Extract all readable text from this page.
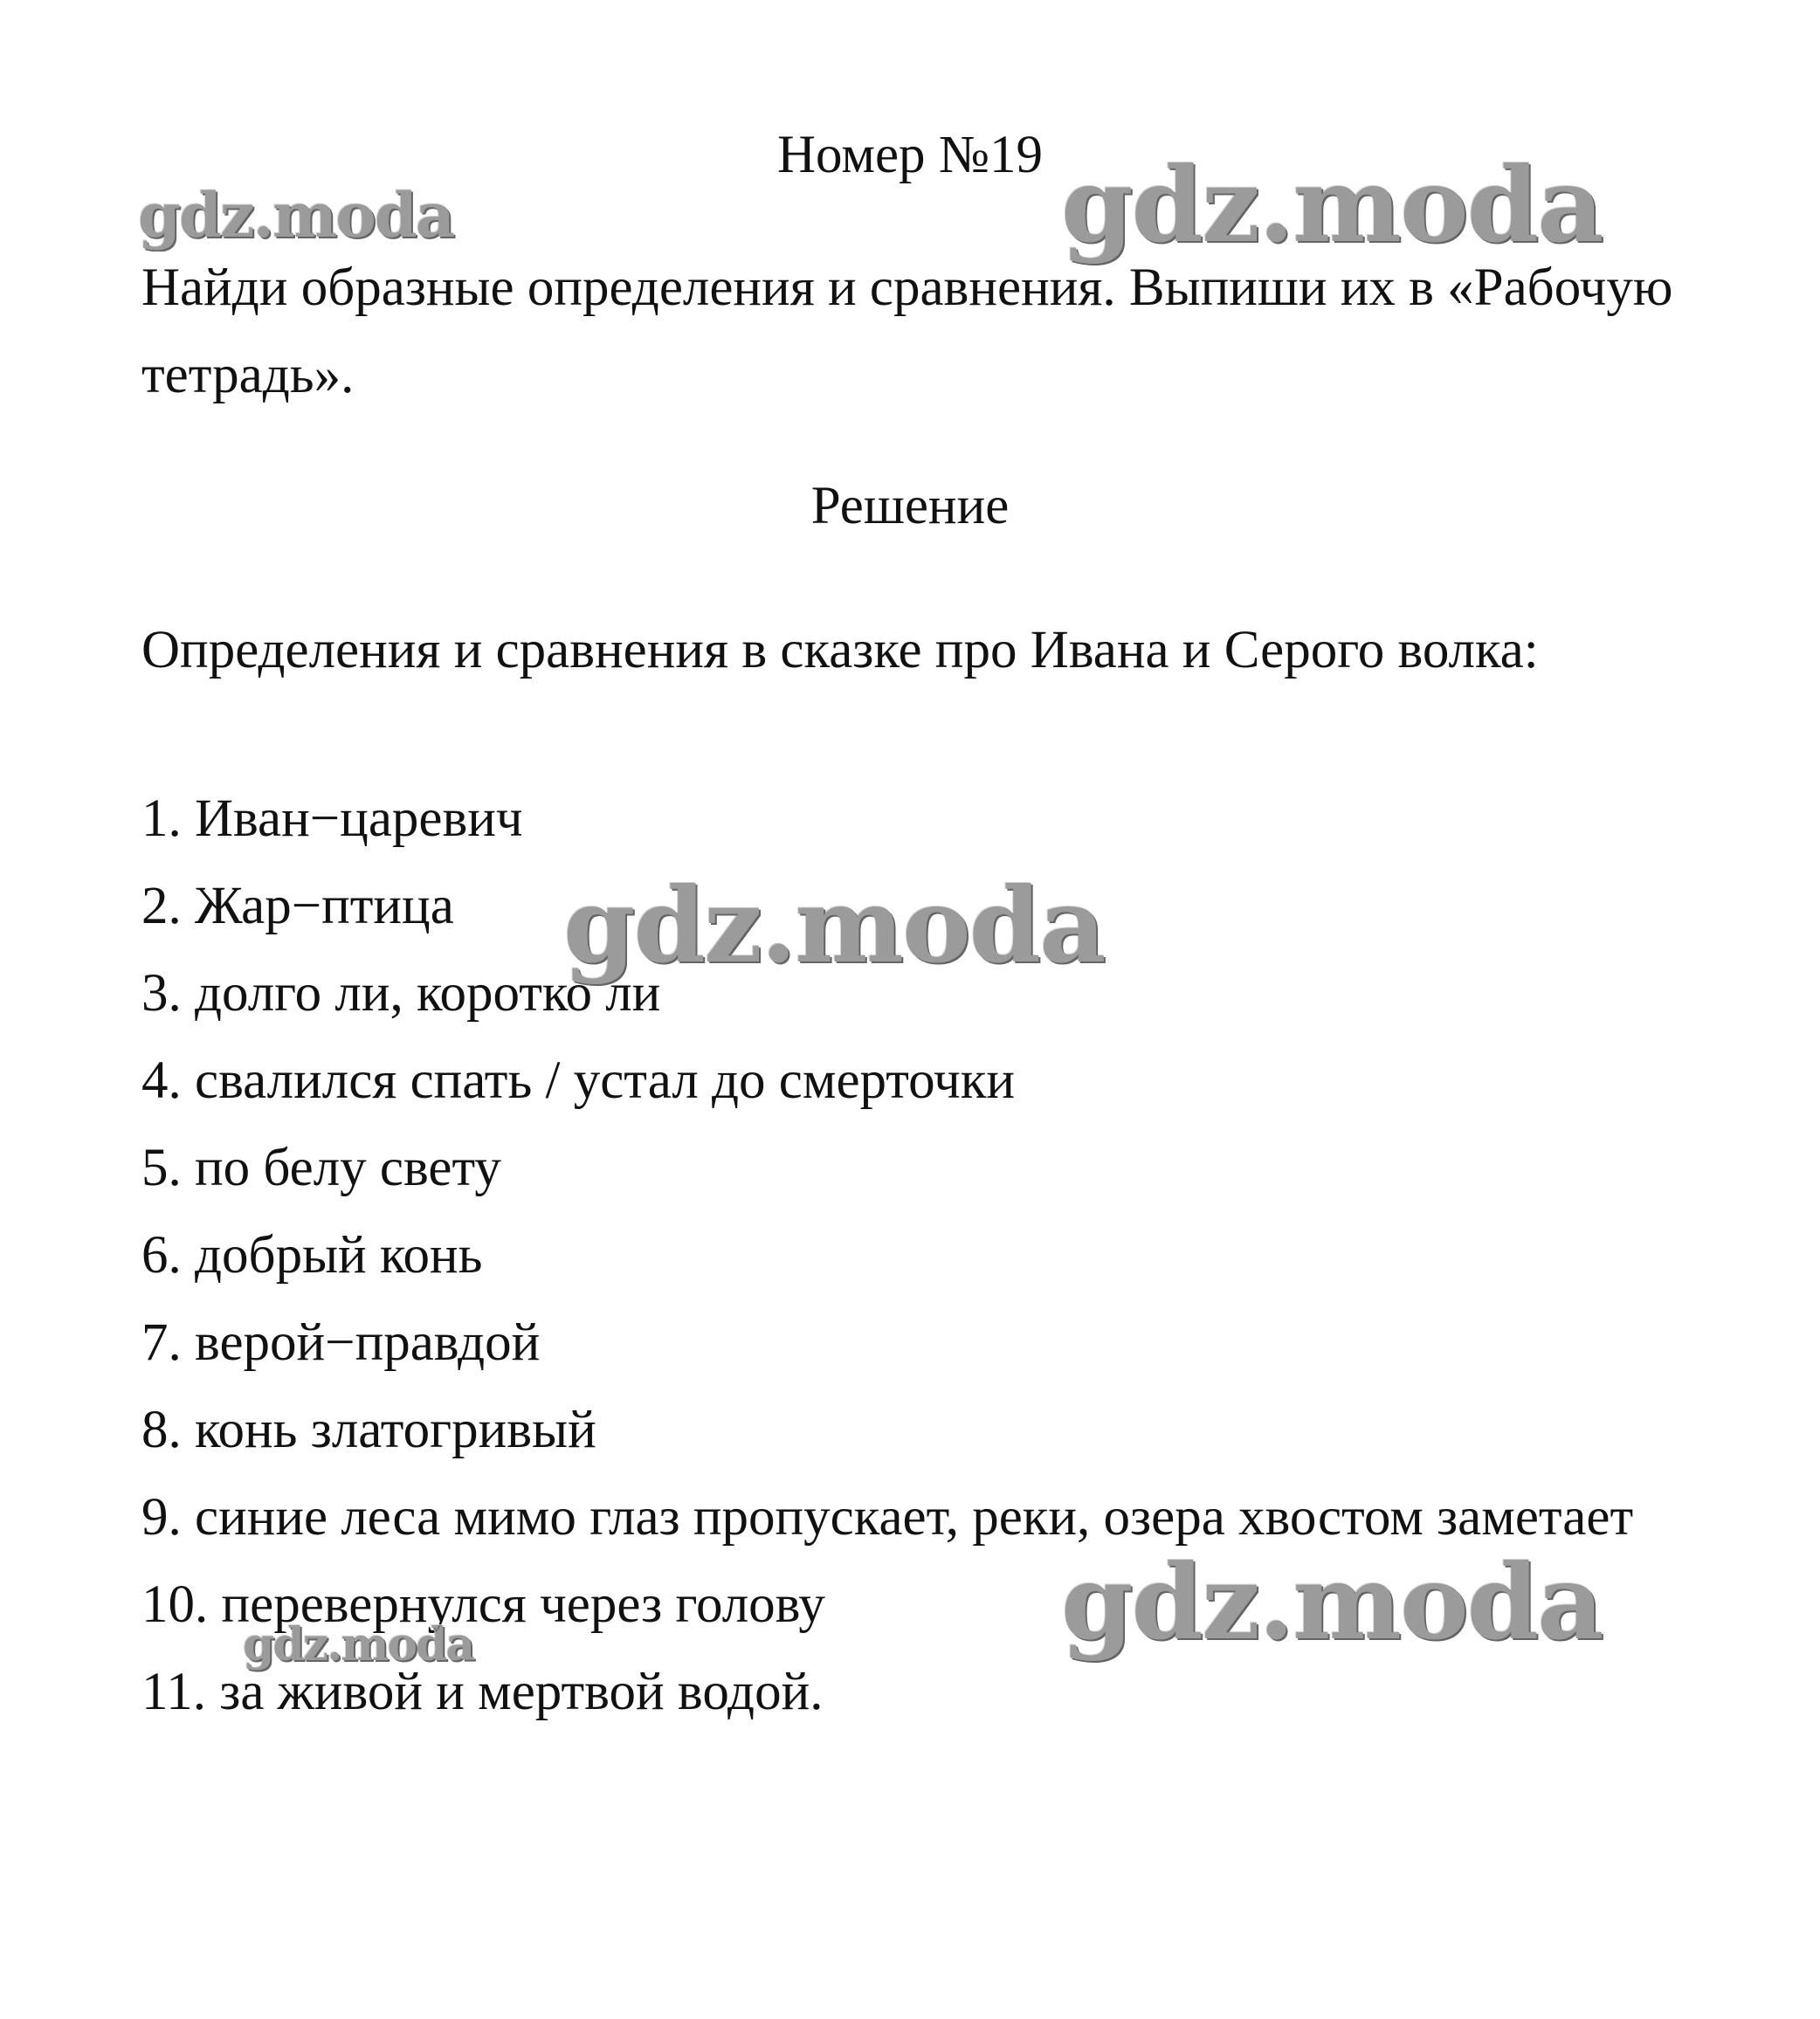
Номер №19
Найди образные определения и сравнения. Выпиши их в «Рабочую тетрадь».
Решение
Определения и сравнения в сказке про Ивана и Серого волка:
1. Иван−царевич
2. Жар−птица
3. долго ли, коротко ли
4. свалился спать / устал до смерточки
5. по белу свету
6. добрый конь
7. верой−правдой
8. конь златогривый
9. синие леса мимо глаз пропускает, реки, озера хвостом заметает
10. перевернулся через голову
11. за живой и мертвой водой.
gdz.moda	gdz.moda
gdz.moda
gdz.moda
gdz.moda
